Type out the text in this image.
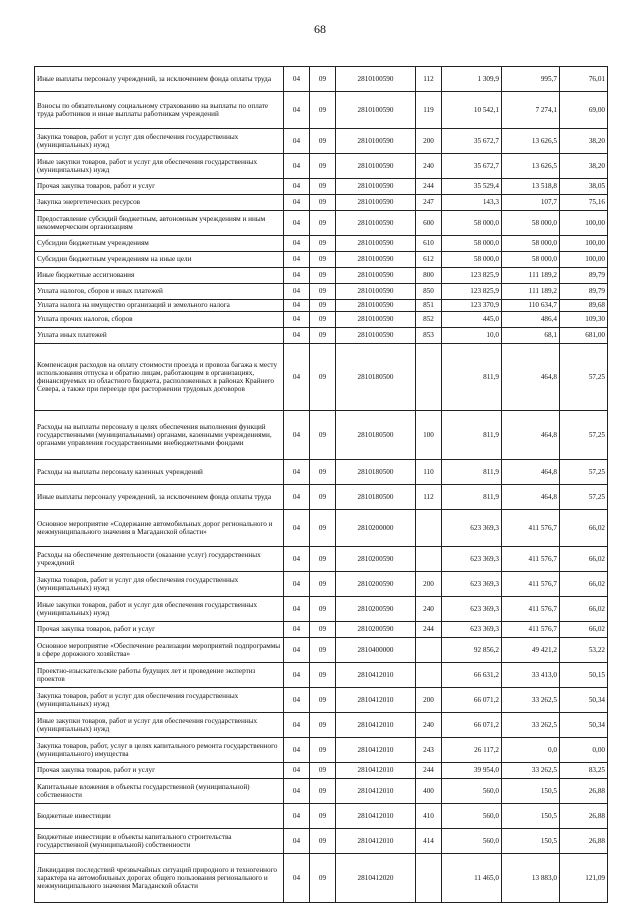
68
Иные выплаты персоналу учреждений, за исключением фонда оплаты труда	04	09	2810100590	112	1 309,9	995,7	76,01
Взносы по обязательному социальному страхованию на выплаты по оплате труда работников и иные выплаты работникам учреждений	04	09	2810100590	119	10 542,1	7 274,1	69,00
Закупка товаров, работ и услуг для обеспечения государственных (муниципальных) нужд	04	09	2810100590	200	35 672,7	13 626,5	38,20
Иные закупки товаров, работ и услуг для обеспечения государственных (муниципальных) нужд	04	09	2810100590	240	35 672,7	13 626,5	38,20
Прочая закупка товаров, работ и услуг	04	09	2810100590	244	35 529,4	13 518,8	38,05
Закупка энергетических ресурсов	04	09	2810100590	247	143,3	107,7	75,16
Предоставление субсидий бюджетным, автономным учреждениям и иным некоммерческим организациям	04	09	2810100590	600	58 000,0	58 000,0	100,00
Субсидии бюджетным учреждениям	04	09	2810100590	610	58 000,0	58 000,0	100,00
Субсидии бюджетным учреждениям на иные цели	04	09	2810100590	612	58 000,0	58 000,0	100,00
Иные бюджетные ассигнования	04	09	2810100590	800	123 825,9	111 189,2	89,79
Уплата налогов, сборов и иных платежей	04	09	2810100590	850	123 825,9	111 189,2	89,79
Уплата налога на имущество организаций и земельного налога	04	09	2810100590	851	123 370,9	110 634,7	89,68
Уплата прочих налогов, сборов	04	09	2810100590	852	445,0	486,4	109,30
Уплата иных платежей	04	09	2810100590	853	10,0	68,1	681,00
Компенсация расходов на оплату стоимости проезда и провоза багажа к месту использования отпуска и обратно лицам, работающим в организациях, финансируемых из областного бюджета, расположенных в районах Крайнего Севера, а также при переезде при расторжении трудовых договоров	04	09	2810180500		811,9	464,8	57,25
Расходы на выплаты персоналу в целях обеспечения выполнения функций государственными (муниципальными) органами, казенными учреждениями, органами управления государственными внебюджетными фондами	04	09	2810180500	100	811,9	464,8	57,25
Расходы на выплаты персоналу казенных учреждений	04	09	2810180500	110	811,9	464,8	57,25
Иные выплаты персоналу учреждений, за исключением фонда оплаты труда	04	09	2810180500	112	811,9	464,8	57,25
Основное мероприятие «Содержание автомобильных дорог регионального и межмуниципального значения в Магаданской области»	04	09	2810200000		623 369,3	411 576,7	66,02
Расходы на обеспечение деятельности (оказание услуг) государственных учреждений	04	09	2810200590		623 369,3	411 576,7	66,02
Закупка товаров, работ и услуг для обеспечения государственных (муниципальных) нужд	04	09	2810200590	200	623 369,3	411 576,7	66,02
Иные закупки товаров, работ и услуг для обеспечения государственных (муниципальных) нужд	04	09	2810200590	240	623 369,3	411 576,7	66,02
Прочая закупка товаров, работ и услуг	04	09	2810200590	244	623 369,3	411 576,7	66,02
Основное мероприятие «Обеспечение реализации мероприятий подпрограммы в сфере дорожного хозяйства»	04	09	2810400000		92 856,2	49 421,2	53,22
Проектно-изыскательские работы будущих лет и проведение экспертиз проектов	04	09	2810412010		66 631,2	33 413,0	50,15
Закупка товаров, работ и услуг для обеспечения государственных (муниципальных) нужд	04	09	2810412010	200	66 071,2	33 262,5	50,34
Иные закупки товаров, работ и услуг для обеспечения государственных (муниципальных) нужд	04	09	2810412010	240	66 071,2	33 262,5	50,34
Закупка товаров, работ, услуг в целях капитального ремонта государственного (муниципального) имущества	04	09	2810412010	243	26 117,2	0,0	0,00
Прочая закупка товаров, работ и услуг	04	09	2810412010	244	39 954,0	33 262,5	83,25
Капитальные вложения в объекты государственной (муниципальной) собственности	04	09	2810412010	400	560,0	150,5	26,88
Бюджетные инвестиции	04	09	2810412010	410	560,0	150,5	26,88
Бюджетные инвестиции в объекты капитального строительства государственной (муниципальной) собственности	04	09	2810412010	414	560,0	150,5	26,88
Ликвидация последствий чрезвычайных ситуаций природного и техногенного характера на автомобильных дорогах общего пользования регионального и межмуниципального значения Магаданской области	04	09	2810412020		11 465,0	13 883,0	121,09
